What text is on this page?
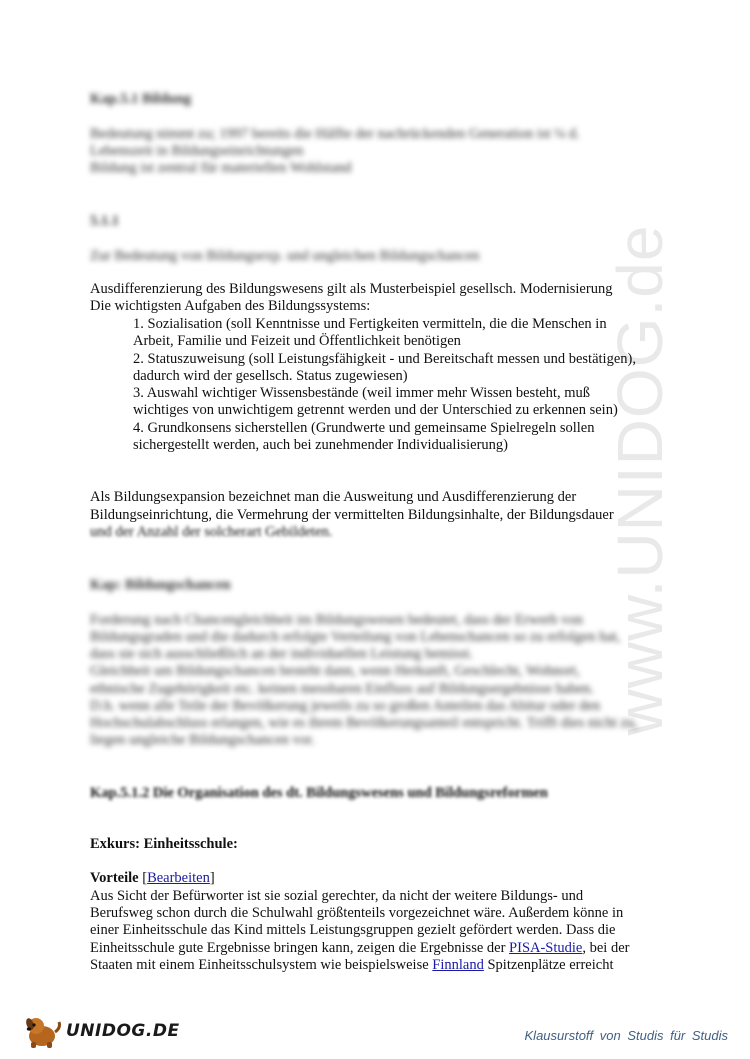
www.UNIDOG.de
Kap.5.1 Bildung
Bedeutung nimmt zu; 1997 bereits die Hälfte der nachrückenden Generation ist ¼ d.
Lebenszeit in Bildungseinrichtungen
Bildung ist zentral für materiellen Wohlstand
5.1.1
Zur Bedeutung von Bildungsexp. und ungleichen Bildungschancen
Ausdifferenzierung des Bildungswesens gilt als Musterbeispiel gesellsch. Modernisierung
Die wichtigsten Aufgaben des Bildungssystems:
1. Sozialisation (soll Kenntnisse und Fertigkeiten vermitteln, die die Menschen in
Arbeit, Familie und Feizeit und Öffentlichkeit benötigen
2. Statuszuweisung (soll Leistungsfähigkeit - und Bereitschaft messen und bestätigen),
dadurch wird der gesellsch. Status zugewiesen)
3. Auswahl wichtiger Wissensbestände (weil immer mehr Wissen besteht, muß
wichtiges von unwichtigem getrennt werden und der Unterschied zu erkennen sein)
4. Grundkonsens sicherstellen (Grundwerte und gemeinsame Spielregeln sollen
sichergestellt werden, auch bei zunehmender Individualisierung)
Als Bildungsexpansion bezeichnet man die Ausweitung und Ausdifferenzierung der
Bildungseinrichtung, die Vermehrung der vermittelten Bildungsinhalte, der Bildungsdauer
und der Anzahl der solcherart Gebildeten.
Kap: Bildungschancen
Forderung nach Chancengleichheit im Bildungswesen bedeutet, dass der Erwerb von
Bildungsgraden und die dadurch erfolgte Verteilung von Lebenschancen so zu erfolgen hat,
dass sie sich ausschließlich an der individuellen Leistung bemisst.
Gleichheit um Bildungschancen besteht dann, wenn Herkunft, Geschlecht, Wohnort,
ethnische Zugehörigkeit etc. keinen messbaren Einfluss auf Bildungsergebnisse haben.
D.h. wenn alle Teile der Bevölkerung jeweils zu so großen Anteilen das Abitur oder den
Hochschulabschluss erlangen, wie es ihrem Bevölkerungsanteil entspricht. Trifft dies nicht zu,
liegen ungleiche Bildungschancen vor.
Kap.5.1.2 Die Organisation des dt. Bildungswesens und Bildungsreformen
Exkurs: Einheitsschule:
Vorteile [Bearbeiten]
Aus Sicht der Befürworter ist sie sozial gerechter, da nicht der weitere Bildungs- und
Berufsweg schon durch die Schulwahl größtenteils vorgezeichnet wäre. Außerdem könne in
einer Einheitsschule das Kind mittels Leistungsgruppen gezielt gefördert werden. Dass die
Einheitsschule gute Ergebnisse bringen kann, zeigen die Ergebnisse der PISA-Studie, bei der
Staaten mit einem Einheitsschulsystem wie beispielsweise Finnland Spitzenplätze erreicht
UNIDOG.DE	Klausurstoff von Studis für Studis
